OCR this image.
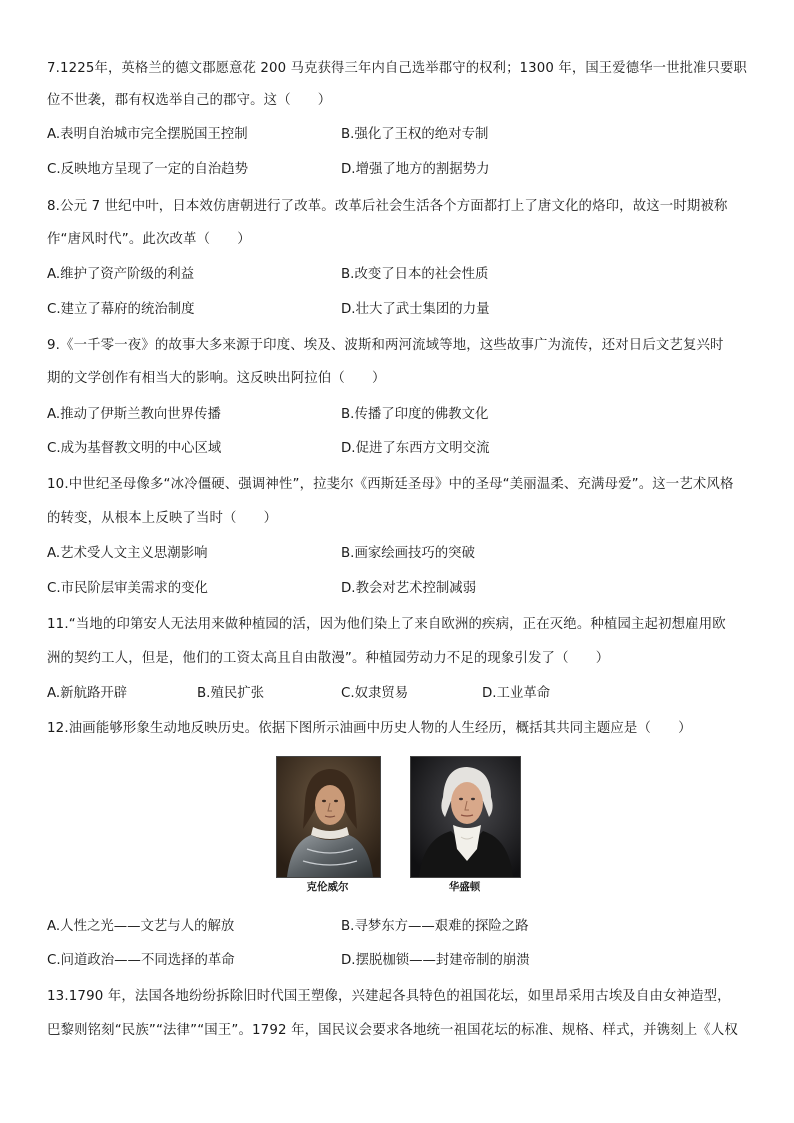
7.1225年，英格兰的德文郡愿意花 200 马克获得三年内自己选举郡守的权利；1300 年，国王爱德华一世批准只要职
位不世袭，郡有权选举自己的郡守。这（　　）
A.表明自治城市完全摆脱国王控制	B.强化了王权的绝对专制
C.反映地方呈现了一定的自治趋势	D.增强了地方的割据势力
8.公元 7 世纪中叶，日本效仿唐朝进行了改革。改革后社会生活各个方面都打上了唐文化的烙印，故这一时期被称
作“唐风时代”。此次改革（　　）
A.维护了资产阶级的利益	B.改变了日本的社会性质
C.建立了幕府的统治制度	D.壮大了武士集团的力量
9.《一千零一夜》的故事大多来源于印度、埃及、波斯和两河流域等地，这些故事广为流传，还对日后文艺复兴时
期的文学创作有相当大的影响。这反映出阿拉伯（　　）
A.推动了伊斯兰教向世界传播	B.传播了印度的佛教文化
C.成为基督教文明的中心区域	D.促进了东西方文明交流
10.中世纪圣母像多“冰冷僵硬、强调神性”，拉斐尔《西斯廷圣母》中的圣母“美丽温柔、充满母爱”。这一艺术风格
的转变，从根本上反映了当时（　　）
A.艺术受人文主义思潮影响	B.画家绘画技巧的突破
C.市民阶层审美需求的变化	D.教会对艺术控制减弱
11.“当地的印第安人无法用来做种植园的活，因为他们染上了来自欧洲的疾病，正在灭绝。种植园主起初想雇用欧
洲的契约工人，但是，他们的工资太高且自由散漫”。种植园劳动力不足的现象引发了（　　）
A.新航路开辟	B.殖民扩张	C.奴隶贸易	D.工业革命
12.油画能够形象生动地反映历史。依据下图所示油画中历史人物的人生经历，概括其共同主题应是（　　）
克伦威尔	华盛顿
A.人性之光——文艺与人的解放	B.寻梦东方——艰难的探险之路
C.问道政治——不同选择的革命	D.摆脱枷锁——封建帝制的崩溃
13.1790 年，法国各地纷纷拆除旧时代国王塑像，兴建起各具特色的祖国花坛，如里昂采用古埃及自由女神造型，
巴黎则铭刻“民族”“法律”“国王”。1792 年，国民议会要求各地统一祖国花坛的标准、规格、样式，并镌刻上《人权
